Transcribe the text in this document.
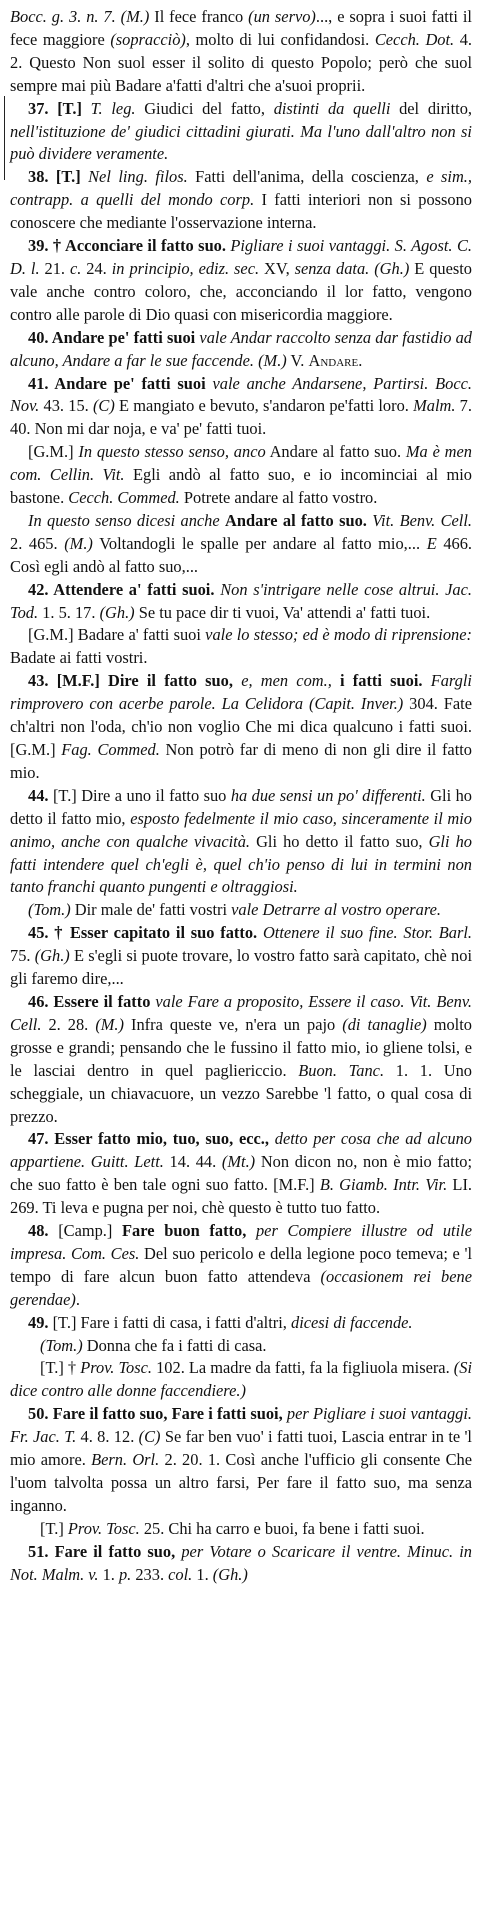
Bocc. g. 3. n. 7. (M.) Il fece franco (un servo)..., e sopra i suoi fatti il fece maggiore (sopracciò), molto di lui confidandosi. Cecch. Dot. 4. 2. Questo Non suol esser il solito di questo Popolo; però che suol sempre mai più Badare a'fatti d'altri che a'suoi proprii.

37. [T.] T. leg. Giudici del fatto, distinti da quelli del diritto, nell'istituzione de' giudici cittadini giurati. Ma l'uno dall'altro non si può dividere veramente.

38. [T.] Nel ling. filos. Fatti dell'anima, della coscienza, e sim., contrapp. a quelli del mondo corp. I fatti interiori non si possono conoscere che mediante l'osservazione interna.

39. † Acconciare il fatto suo. Pigliare i suoi vantaggi. S. Agost. C. D. l. 21. c. 24. in principio, ediz. sec. XV, senza data. (Gh.) E questo vale anche contro coloro, che, acconciando il lor fatto, vengono contro alle parole di Dio quasi con misericordia maggiore.

40. Andare pe' fatti suoi vale Andar raccolto senza dar fastidio ad alcuno, Andare a far le sue faccende. (M.) V. Andare.

41. Andare pe' fatti suoi vale anche Andarsene, Partirsi. Bocc. Nov. 43. 15. (C) E mangiato e bevuto, s'andaron pe'fatti loro. Malm. 7. 40. Non mi dar noja, e va' pe' fatti tuoi.

[G.M.] In questo stesso senso, anco Andare al fatto suo. Ma è men com. Cellin. Vit. Egli andò al fatto suo, e io incominciai al mio bastone. Cecch. Commed. Potrete andare al fatto vostro.

In questo senso dicesi anche Andare al fatto suo. Vit. Benv. Cell. 2. 465. (M.) Voltandogli le spalle per andare al fatto mio,... E 466. Così egli andò al fatto suo,...

42. Attendere a' fatti suoi. Non s'intrigare nelle cose altrui. Jac. Tod. 1. 5. 17. (Gh.) Se tu pace dir ti vuoi, Va' attendi a' fatti tuoi.

[G.M.] Badare a' fatti suoi vale lo stesso; ed è modo di riprensione: Badate ai fatti vostri.

43. [M.F.] Dire il fatto suo, e, men com., i fatti suoi. Fargli rimprovero con acerbe parole. La Celidora (Capit. Inver.) 304. Fate ch'altri non l'oda, ch'io non voglio Che mi dica qualcuno i fatti suoi. [G.M.] Fag. Commed. Non potrò far di meno di non gli dire il fatto mio.

44. [T.] Dire a uno il fatto suo ha due sensi un po' differenti. Gli ho detto il fatto mio, esposto fedelmente il mio caso, sinceramente il mio animo, anche con qualche vivacità. Gli ho detto il fatto suo, Gli ho fatti intendere quel ch'egli è, quel ch'io penso di lui in termini non tanto franchi quanto pungenti e oltraggiosi.

(Tom.) Dir male de' fatti vostri vale Detrarre al vostro operare.

45. † Esser capitato il suo fatto. Ottenere il suo fine. Stor. Barl. 75. (Gh.) E s'egli si puote trovare, lo vostro fatto sarà capitato, chè noi gli faremo dire,...

46. Essere il fatto vale Fare a proposito, Essere il caso. Vit. Benv. Cell. 2. 28. (M.) Infra queste ve, n'era un pajo (di tanaglie) molto grosse e grandi; pensando che le fussino il fatto mio, io gliene tolsi, e le lasciai dentro in quel pagliericcio. Buon. Tanc. 1. 1. Uno scheggiale, un chiavacuore, un vezzo Sarebbe 'l fatto, o qual cosa di prezzo.

47. Esser fatto mio, tuo, suo, ecc., detto per cosa che ad alcuno appartiene. Guitt. Lett. 14. 44. (Mt.) Non dicon no, non è mio fatto; che suo fatto è ben tale ogni suo fatto. [M.F.] B. Giamb. Intr. Vir. LI. 269. Ti leva e pugna per noi, chè questo è tutto tuo fatto.

48. [Camp.] Fare buon fatto, per Compiere illustre od utile impresa. Com. Ces. Del suo pericolo e della legione poco temeva; e 'l tempo di fare alcun buon fatto attendeva (occasionem rei bene gerendae).

49. [T.] Fare i fatti di casa, i fatti d'altri, dicesi di faccende.

(Tom.) Donna che fa i fatti di casa.

[T.] † Prov. Tosc. 102. La madre da fatti, fa la figliuola misera. (Si dice contro alle donne faccendiere.)

50. Fare il fatto suo, Fare i fatti suoi, per Pigliare i suoi vantaggi. Fr. Jac. T. 4. 8. 12. (C) Se far ben vuo' i fatti tuoi, Lascia entrar in te 'l mio amore. Bern. Orl. 2. 20. 1. Così anche l'ufficio gli consente Che l'uom talvolta possa un altro farsi, Per fare il fatto suo, ma senza inganno.

[T.] Prov. Tosc. 25. Chi ha carro e buoi, fa bene i fatti suoi.

51. Fare il fatto suo, per Votare o Scaricare il ventre. Minuc. in Not. Malm. v. 1. p. 233. col. 1. (Gh.)
